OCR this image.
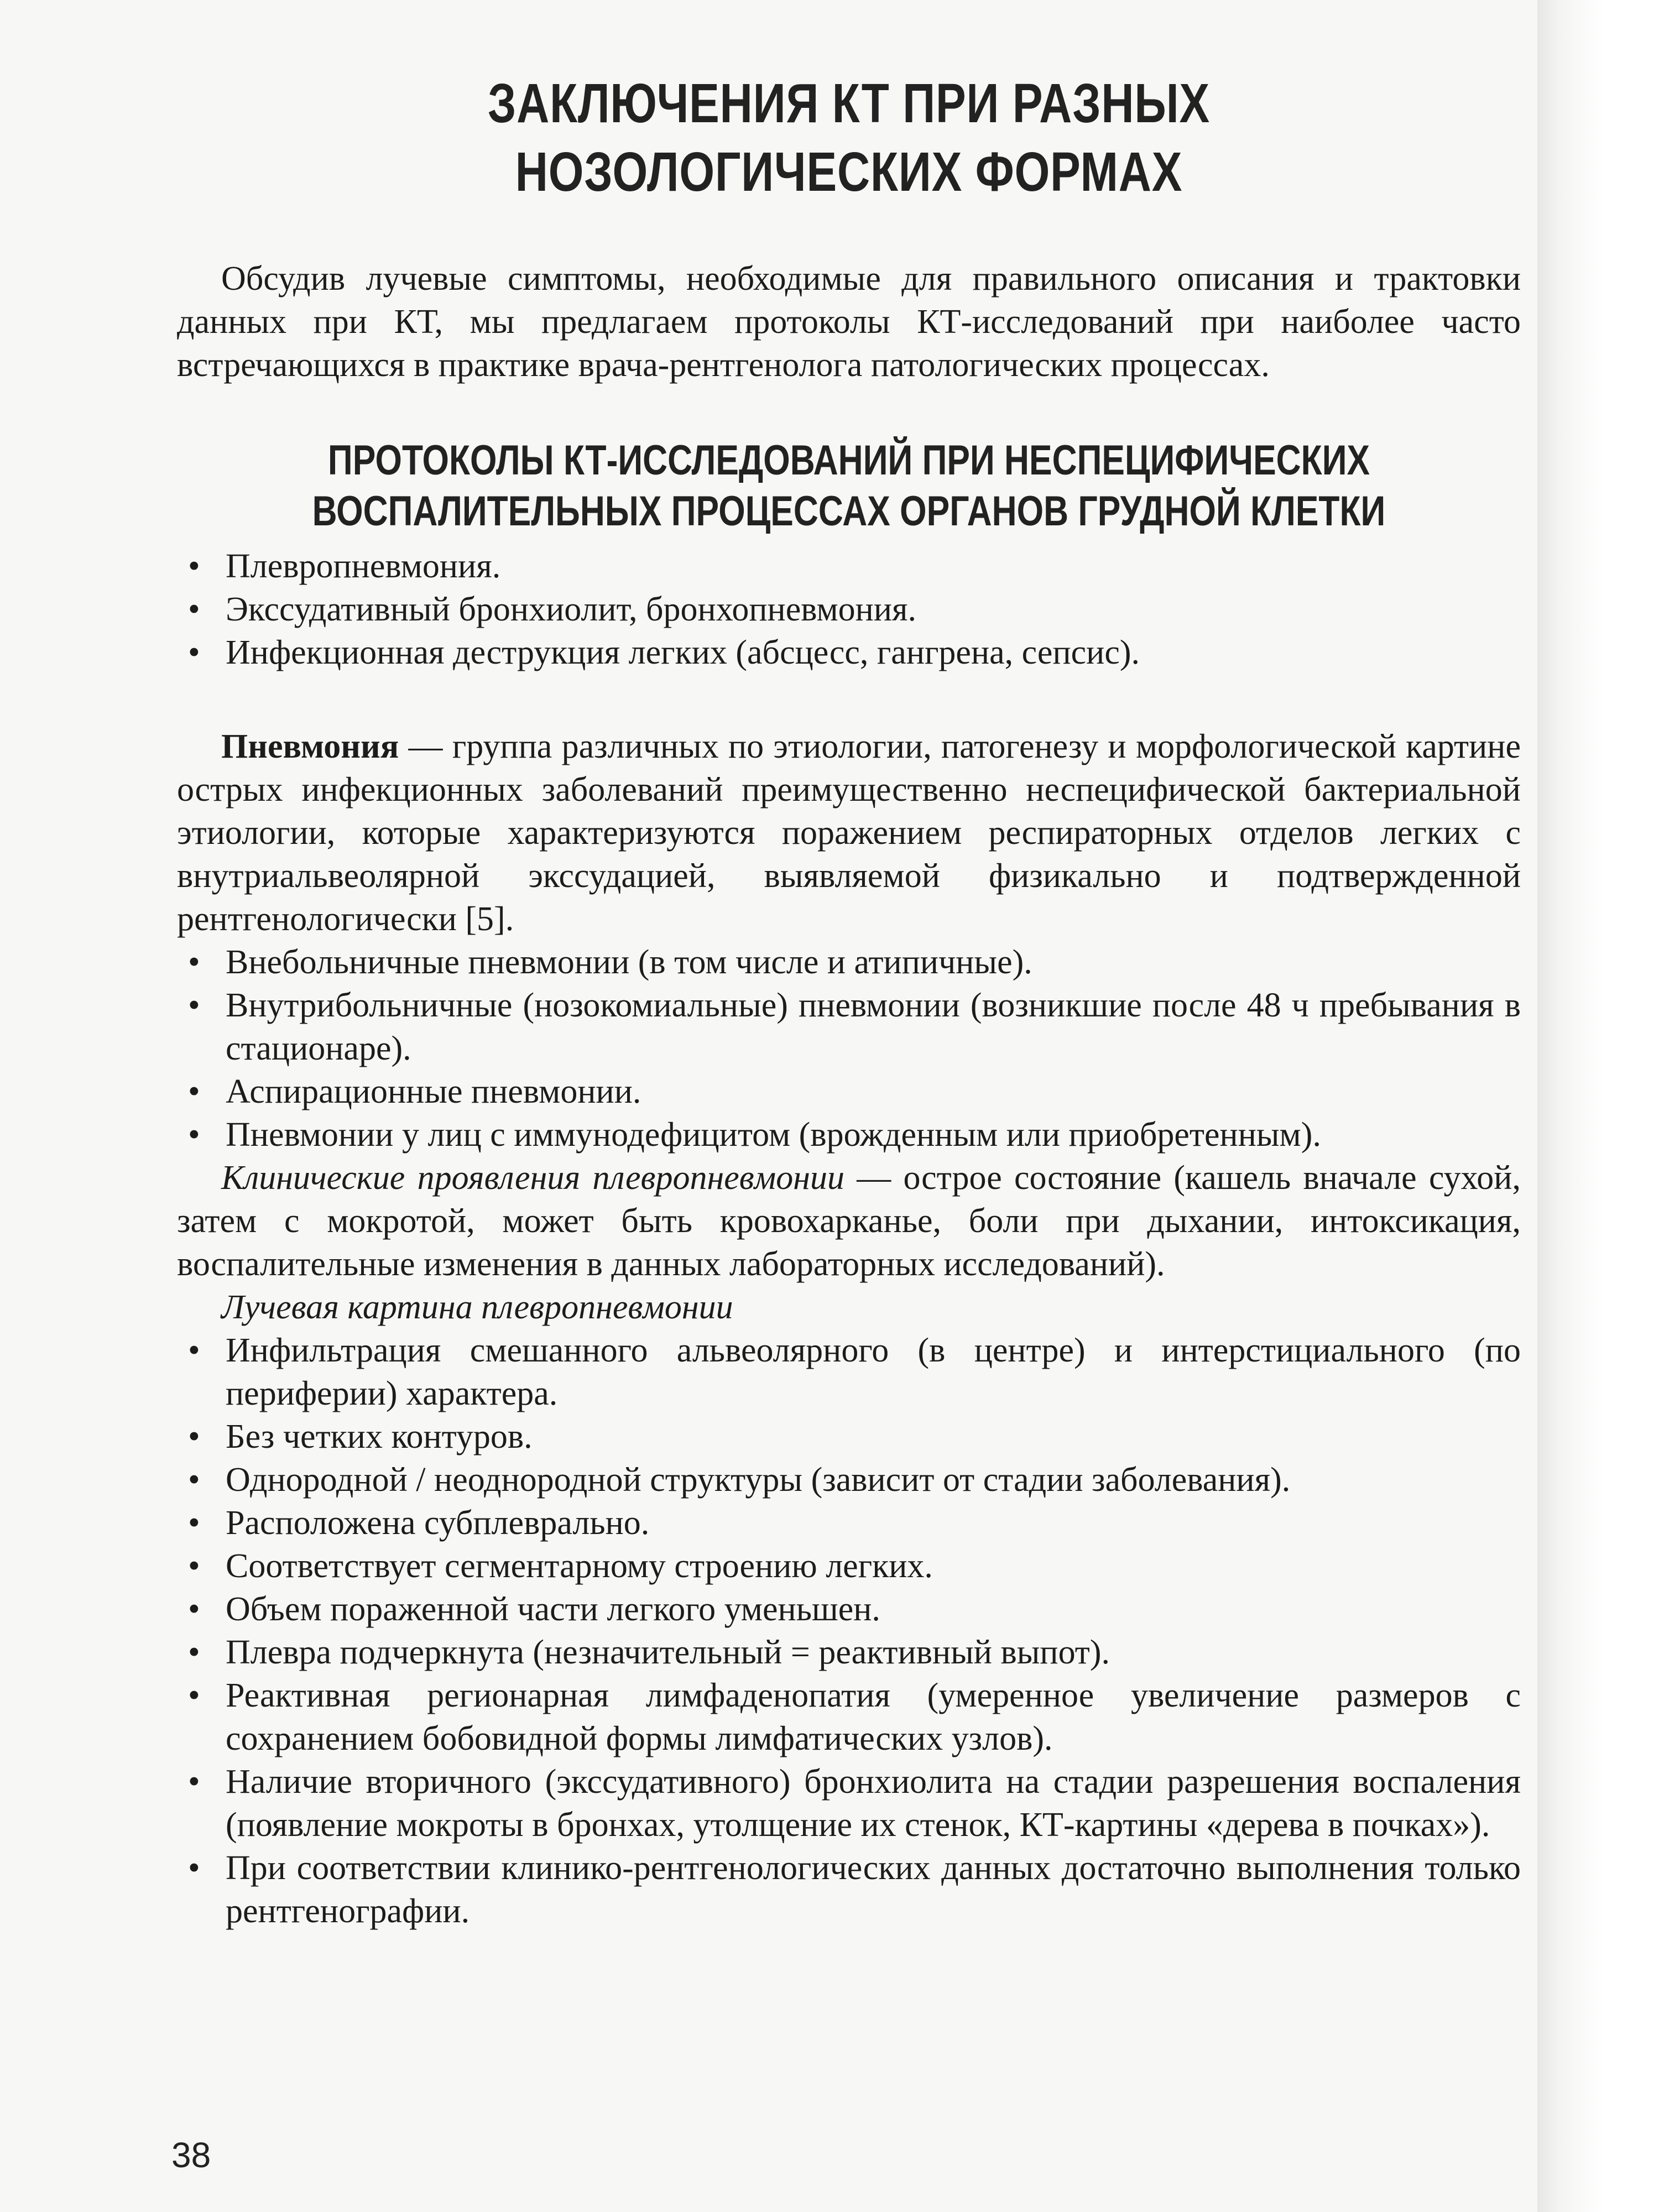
ЗАКЛЮЧЕНИЯ КТ ПРИ РАЗНЫХ
НОЗОЛОГИЧЕСКИХ ФОРМАХ

Обсудив лучевые симптомы, необходимые для правильного описания и трактовки данных при КТ, мы предлагаем протоколы КТ-исследований при наиболее часто встречающихся в практике врача-рентгенолога патологических процессах.

ПРОТОКОЛЫ КТ-ИССЛЕДОВАНИЙ ПРИ НЕСПЕЦИФИЧЕСКИХ
ВОСПАЛИТЕЛЬНЫХ ПРОЦЕССАХ ОРГАНОВ ГРУДНОЙ КЛЕТКИ
• Плевропневмония.
• Экссудативный бронхиолит, бронхопневмония.
• Инфекционная деструкция легких (абсцесс, гангрена, сепсис).

Пневмония — группа различных по этиологии, патогенезу и морфологической картине острых инфекционных заболеваний преимущественно неспецифической бактериальной этиологии, которые характеризуются поражением респираторных отделов легких с внутриальвеолярной экссудацией, выявляемой физикально и подтвержденной рентгенологически [5].

• Внебольничные пневмонии (в том числе и атипичные).
• Внутрибольничные (нозокомиальные) пневмонии (возникшие после 48 ч пребывания в стационаре).
• Аспирационные пневмонии.
• Пневмонии у лиц с иммунодефицитом (врожденным или приобретенным).

Клинические проявления плевропневмонии — острое состояние (кашель вначале сухой, затем с мокротой, может быть кровохарканье, боли при дыхании, интоксикация, воспалительные изменения в данных лабораторных исследований).

Лучевая картина плевропневмонии

• Инфильтрация смешанного альвеолярного (в центре) и интерстициального (по периферии) характера.
• Без четких контуров.
• Однородной / неоднородной структуры (зависит от стадии заболевания).
• Расположена субплеврально.
• Соответствует сегментарному строению легких.
• Объем пораженной части легкого уменьшен.
• Плевра подчеркнута (незначительный = реактивный выпот).
• Реактивная регионарная лимфаденопатия (умеренное увеличение размеров с сохранением бобовидной формы лимфатических узлов).
• Наличие вторичного (экссудативного) бронхиолита на стадии разрешения воспаления (появление мокроты в бронхах, утолщение их стенок, КТ-картины «дерева в почках»).
• При соответствии клинико-рентгенологических данных достаточно выполнения только рентгенографии.
38
